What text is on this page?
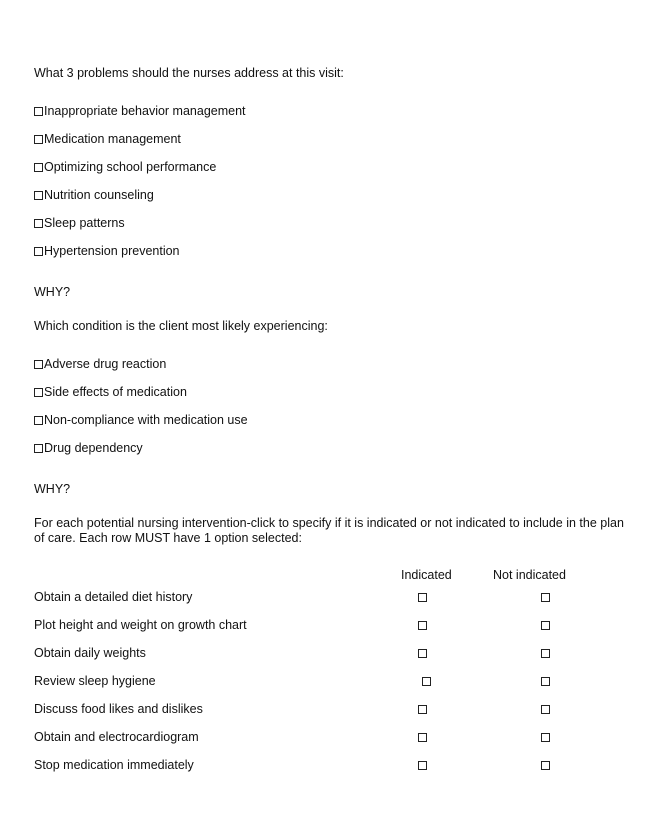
What 3 problems should the nurses address at this visit:
Inappropriate behavior management
Medication management
Optimizing school performance
Nutrition counseling
Sleep patterns
Hypertension prevention
WHY?
Which condition is the client most likely experiencing:
Adverse drug reaction
Side effects of medication
Non-compliance with medication use
Drug dependency
WHY?
For each potential nursing intervention-click to specify if it is indicated or not indicated to include in the plan of care. Each row MUST have 1 option selected:
Indicated	Not indicated
Obtain a detailed diet history
Plot height and weight on growth chart
Obtain daily weights
Review sleep hygiene
Discuss food likes and dislikes
Obtain and electrocardiogram
Stop medication immediately
